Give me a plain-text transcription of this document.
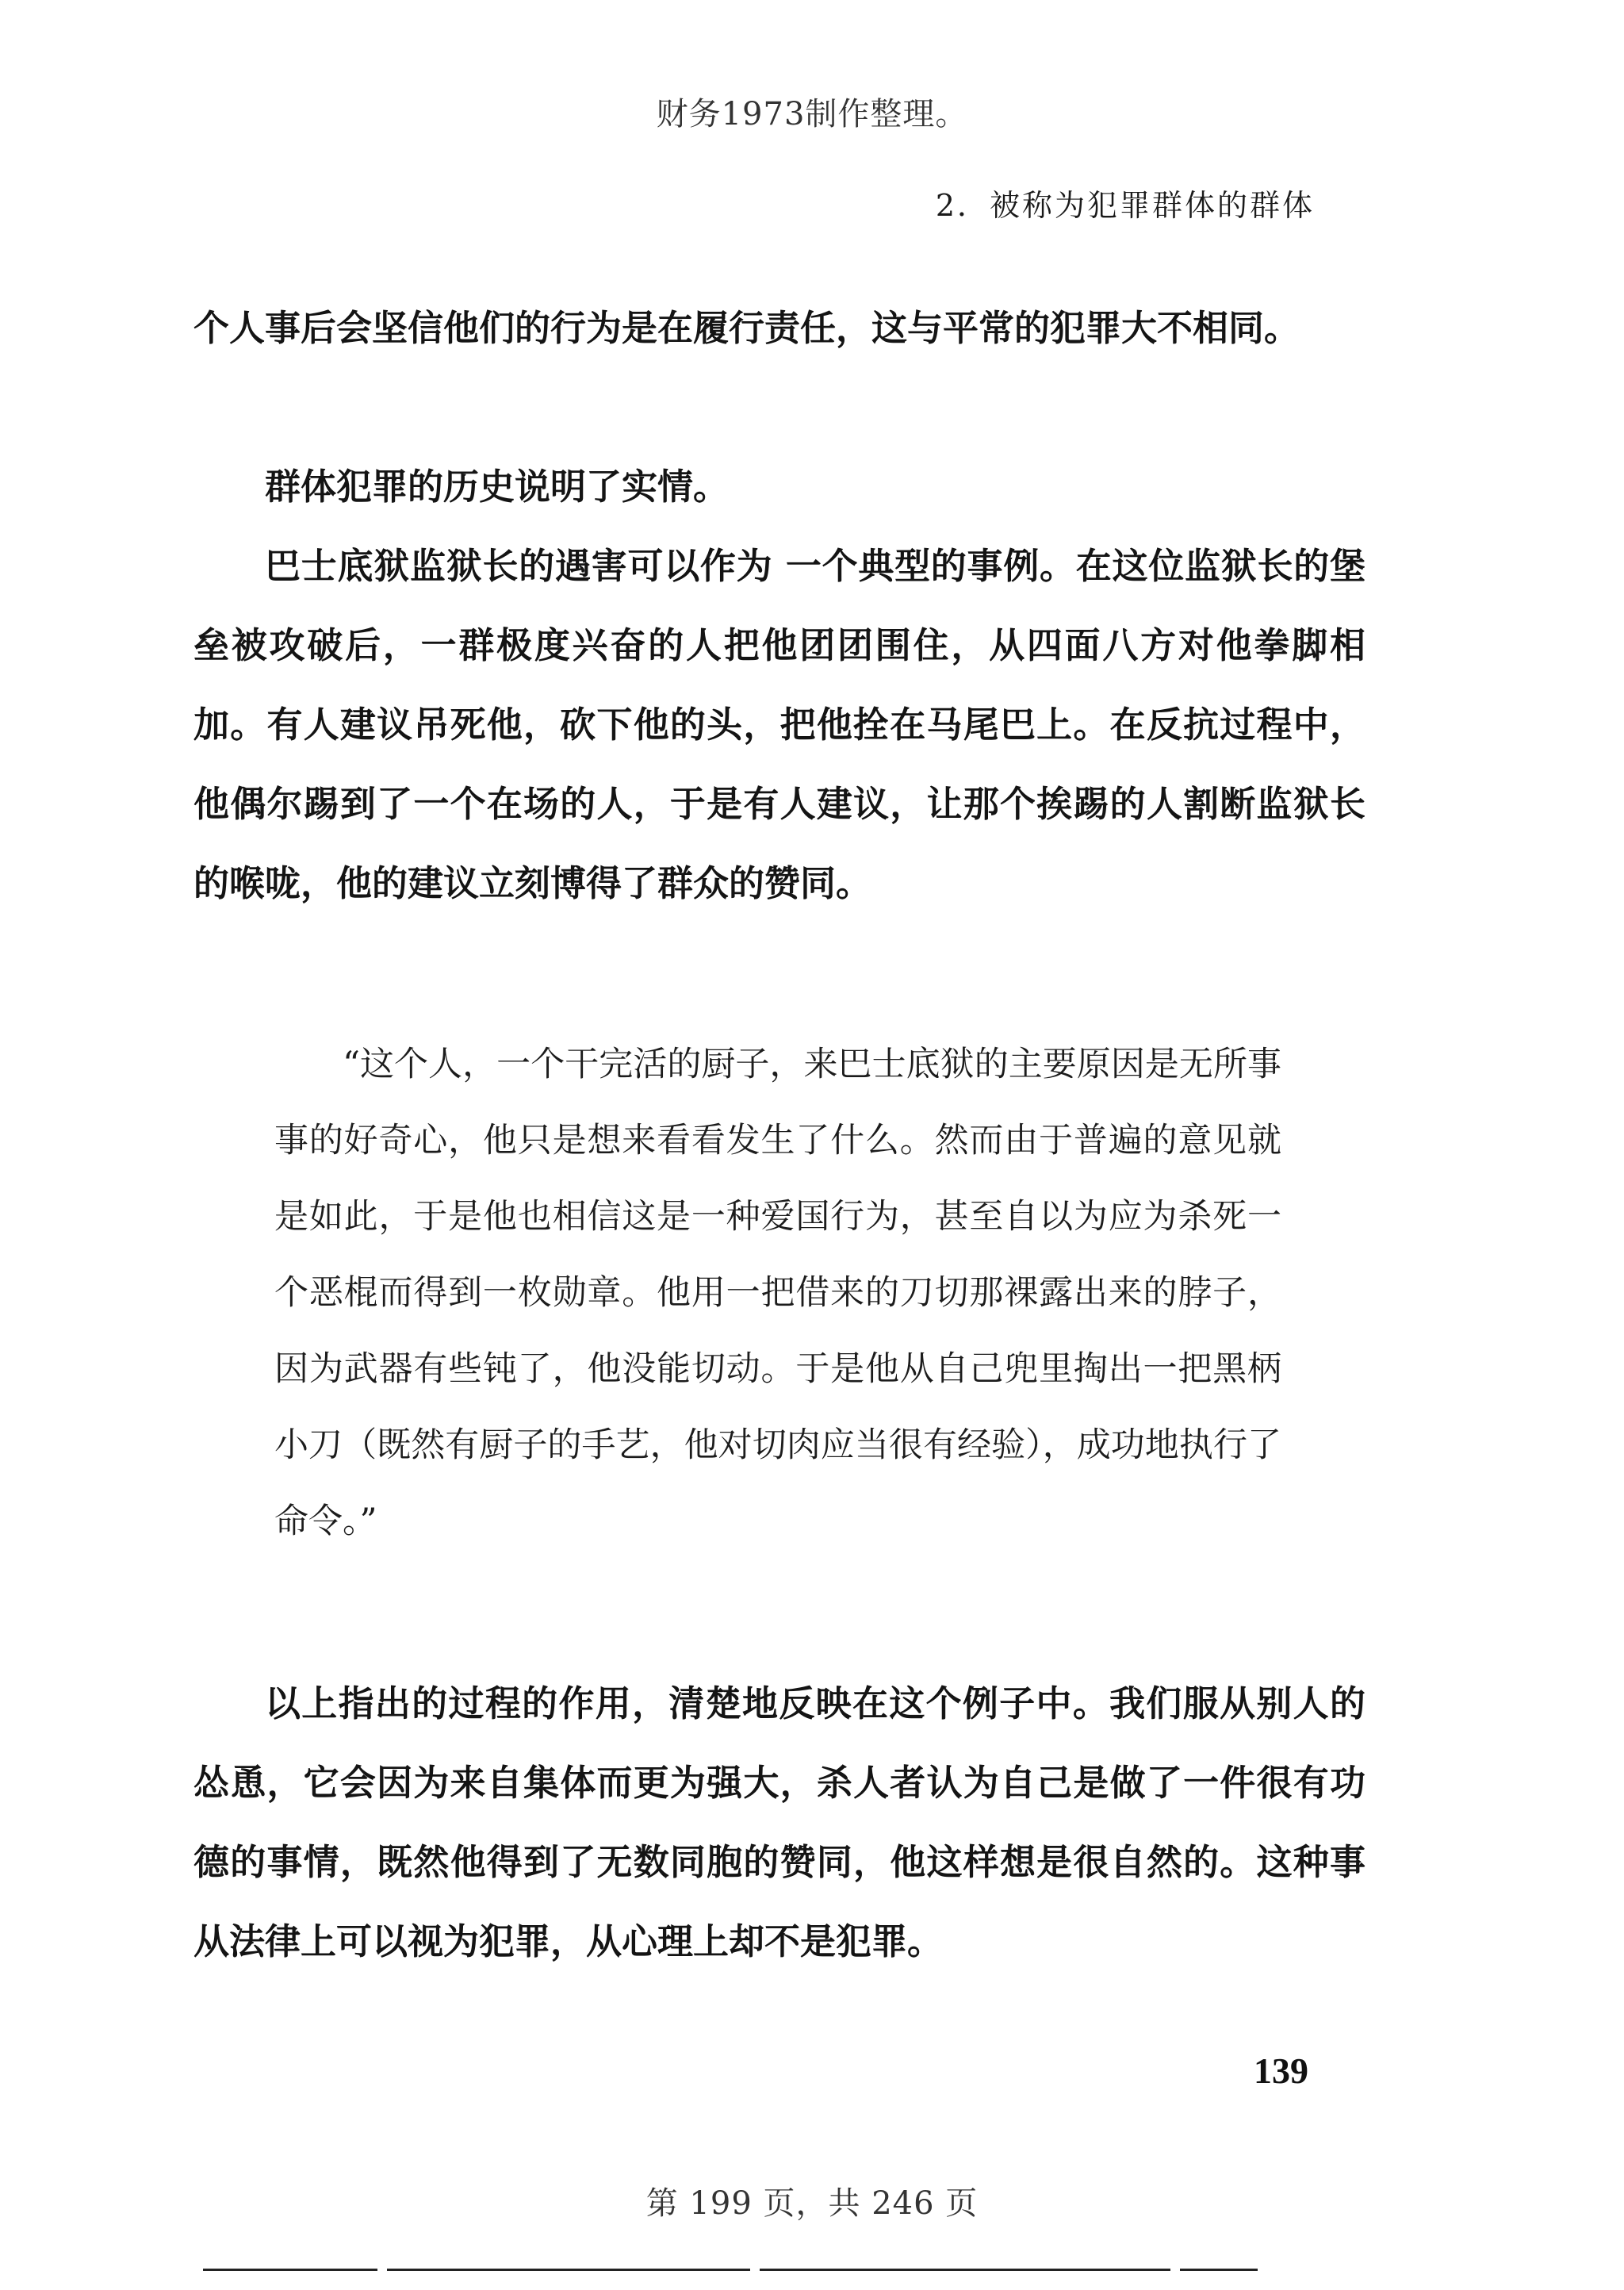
财务1973制作整理。
2．被称为犯罪群体的群体

个人事后会坚信他们的行为是在履行责任，这与平常的犯罪大不相同。

群体犯罪的历史说明了实情。

巴士底狱监狱长的遇害可以作为 一个典型的事例。在这位监狱长的堡垒被攻破后，一群极度兴奋的人把他团团围住，从四面八方对他拳脚相加。有人建议吊死他，砍下他的头，把他拴在马尾巴上。在反抗过程中，他偶尔踢到了一个在场的人，于是有人建议，让那个挨踢的人割断监狱长的喉咙，他的建议立刻博得了群众的赞同。

“这个人，一个干完活的厨子，来巴士底狱的主要原因是无所事事的好奇心，他只是想来看看发生了什么。然而由于普遍的意见就是如此，于是他也相信这是一种爱国行为，甚至自以为应为杀死一个恶棍而得到一枚勋章。他用一把借来的刀切那裸露出来的脖子，因为武器有些钝了，他没能切动。于是他从自己兜里掏出一把黑柄小刀（既然有厨子的手艺，他对切肉应当很有经验），成功地执行了命令。”

以上指出的过程的作用，清楚地反映在这个例子中。我们服从别人的怂恿，它会因为来自集体而更为强大，杀人者认为自己是做了一件很有功德的事情，既然他得到了无数同胞的赞同，他这样想是很自然的。这种事从法律上可以视为犯罪，从心理上却不是犯罪。

139
第 199 页，共 246 页
